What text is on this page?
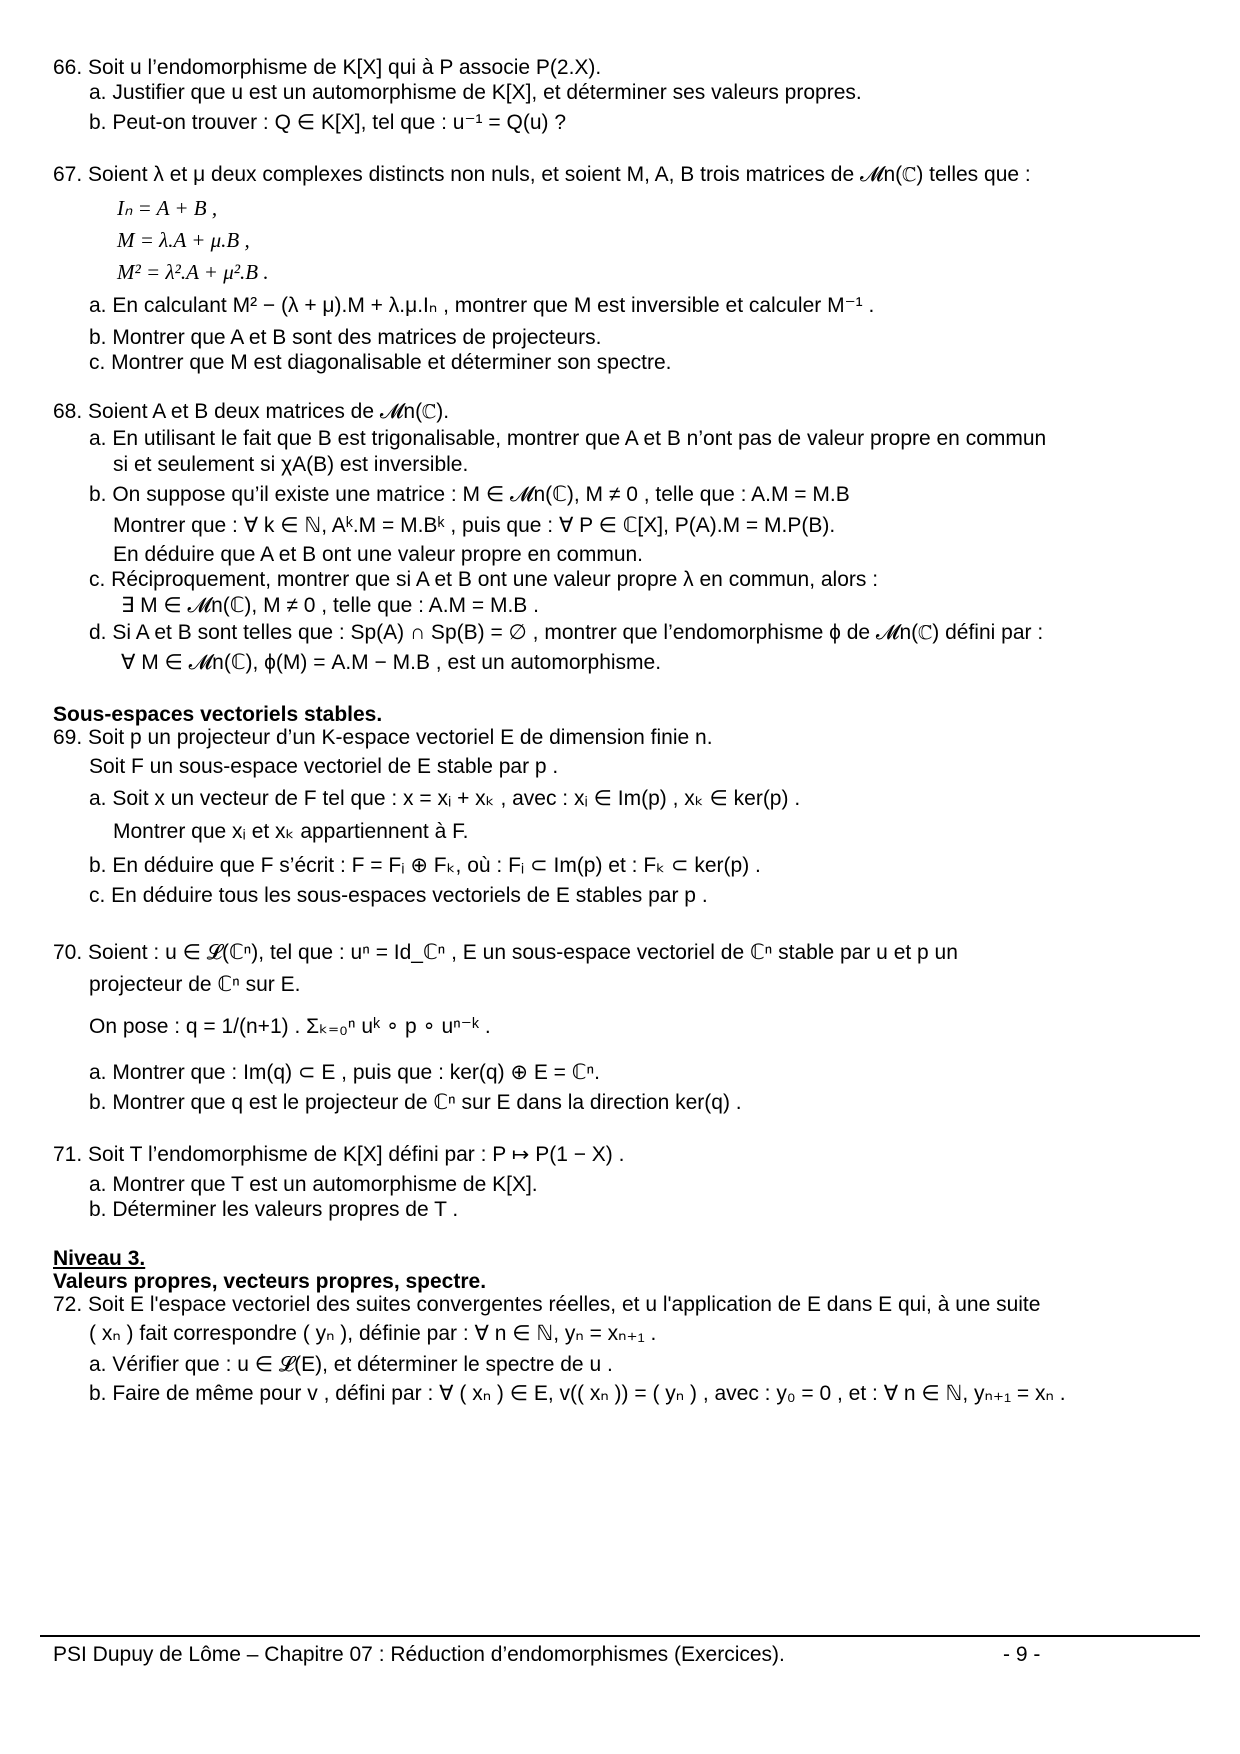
66. Soit u l’endomorphisme de K[X] qui à P associe P(2.X).
a. Justifier que u est un automorphisme de K[X], et déterminer ses valeurs propres.
b. Peut-on trouver : Q ∈ K[X], tel que : u⁻¹ = Q(u) ?
67. Soient λ et μ deux complexes distincts non nuls, et soient M, A, B trois matrices de 𝓜n(ℂ) telles que :
Iₙ = A + B ,
M = λ.A + μ.B ,
M² = λ².A + μ².B .
a. En calculant M² − (λ + μ).M + λ.μ.Iₙ , montrer que M est inversible et calculer M⁻¹ .
b. Montrer que A et B sont des matrices de projecteurs.
c. Montrer que M est diagonalisable et déterminer son spectre.
68. Soient A et B deux matrices de 𝓜n(ℂ).
a. En utilisant le fait que B est trigonalisable, montrer que A et B n’ont pas de valeur propre en commun
si et seulement si χA(B) est inversible.
b. On suppose qu’il existe une matrice : M ∈ 𝓜n(ℂ), M ≠ 0 , telle que : A.M = M.B
Montrer que : ∀ k ∈ ℕ, Aᵏ.M = M.Bᵏ , puis que : ∀ P ∈ ℂ[X], P(A).M = M.P(B).
En déduire que A et B ont une valeur propre en commun.
c. Réciproquement, montrer que si A et B ont une valeur propre λ en commun, alors :
∃ M ∈ 𝓜n(ℂ), M ≠ 0 , telle que : A.M = M.B .
d. Si A et B sont telles que : Sp(A) ∩ Sp(B) = ∅ , montrer que l’endomorphisme ϕ de 𝓜n(ℂ) défini par :
∀ M ∈ 𝓜n(ℂ), ϕ(M) = A.M − M.B , est un automorphisme.
Sous-espaces vectoriels stables.
69. Soit p un projecteur d’un K-espace vectoriel E de dimension finie n.
Soit F un sous-espace vectoriel de E stable par p .
a. Soit x un vecteur de F tel que : x = xᵢ + xₖ , avec : xᵢ ∈ Im(p) , xₖ ∈ ker(p) .
Montrer que xᵢ et xₖ appartiennent à F.
b. En déduire que F s’écrit : F = Fᵢ ⊕ Fₖ, où : Fᵢ ⊂ Im(p) et : Fₖ ⊂ ker(p) .
c. En déduire tous les sous-espaces vectoriels de E stables par p .
70. Soient : u ∈ 𝓛(ℂⁿ), tel que : uⁿ = Id_ℂⁿ , E un sous-espace vectoriel de ℂⁿ stable par u et p un
projecteur de ℂⁿ sur E.
On pose : q = 1/(n+1) . Σₖ₌₀ⁿ uᵏ ∘ p ∘ uⁿ⁻ᵏ .
a. Montrer que : Im(q) ⊂ E , puis que : ker(q) ⊕ E = ℂⁿ.
b. Montrer que q est le projecteur de ℂⁿ sur E dans la direction ker(q) .
71. Soit T l’endomorphisme de K[X] défini par : P ↦ P(1 − X) .
a. Montrer que T est un automorphisme de K[X].
b. Déterminer les valeurs propres de T .
Niveau 3.
Valeurs propres, vecteurs propres, spectre.
72. Soit E l'espace vectoriel des suites convergentes réelles, et u l'application de E dans E qui, à une suite
( xₙ ) fait correspondre ( yₙ ), définie par : ∀ n ∈ ℕ, yₙ = xₙ₊₁ .
a. Vérifier que : u ∈ 𝓛(E), et déterminer le spectre de u .
b. Faire de même pour v , défini par : ∀ ( xₙ ) ∈ E, v(( xₙ )) = ( yₙ ) , avec : y₀ = 0 , et : ∀ n ∈ ℕ, yₙ₊₁ = xₙ .
PSI Dupuy de Lôme – Chapitre 07 : Réduction d’endomorphismes (Exercices).	- 9 -
